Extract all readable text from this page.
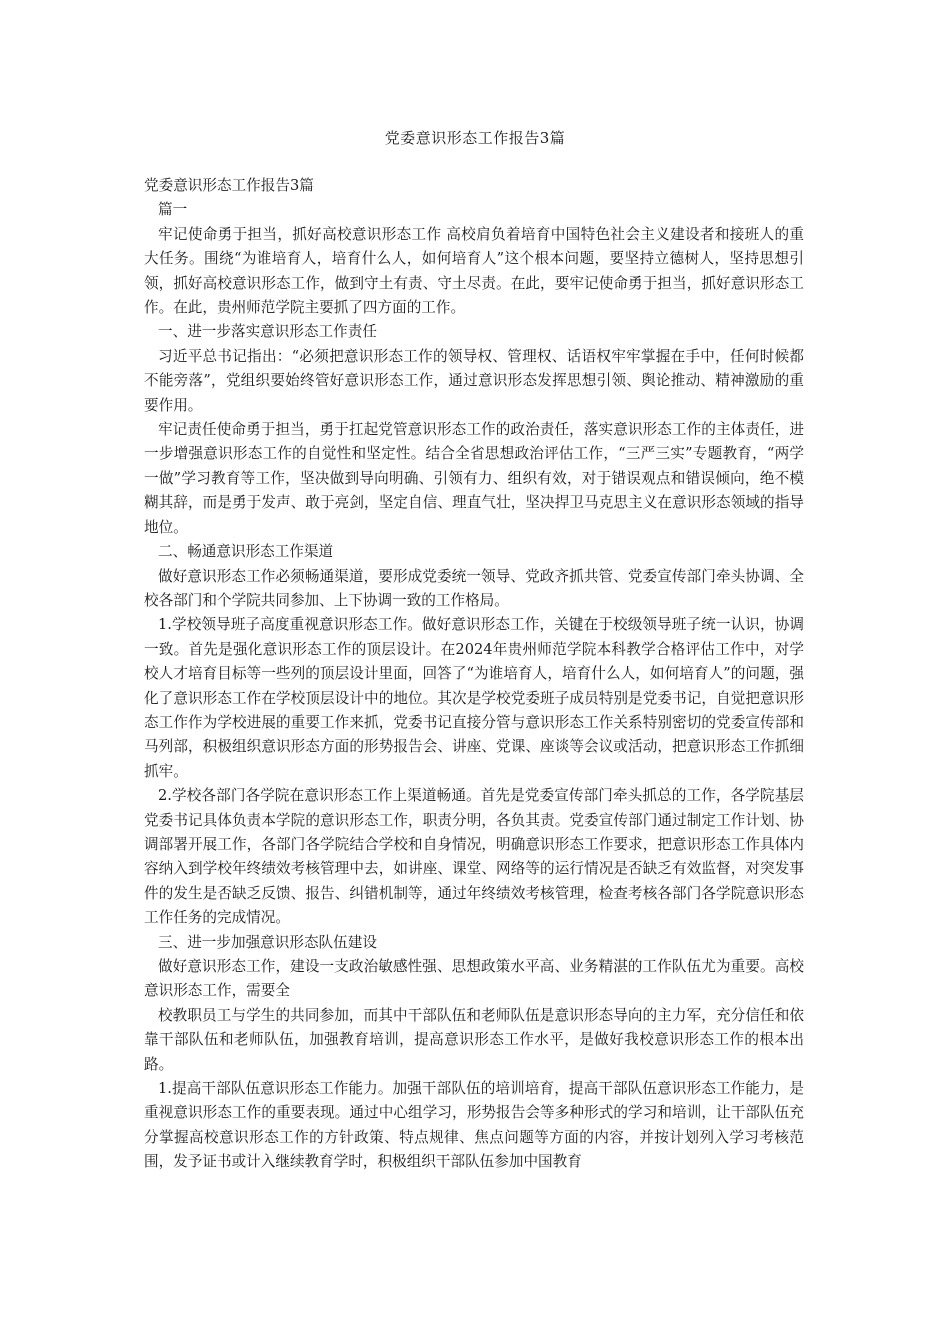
党委意识形态工作报告3篇

党委意识形态工作报告3篇

篇一

牢记使命勇于担当，抓好高校意识形态工作 高校肩负着培育中国特色社会主义建设者和接班人的重大任务。围绕“为谁培育人，培育什么人，如何培育人”这个根本问题，要坚持立德树人，坚持思想引领，抓好高校意识形态工作，做到守土有责、守土尽责。在此，要牢记使命勇于担当，抓好意识形态工作。在此，贵州师范学院主要抓了四方面的工作。

一、进一步落实意识形态工作责任

习近平总书记指出：“必须把意识形态工作的领导权、管理权、话语权牢牢掌握在手中，任何时候都不能旁落”，党组织要始终管好意识形态工作，通过意识形态发挥思想引领、舆论推动、精神激励的重要作用。

牢记责任使命勇于担当，勇于扛起党管意识形态工作的政治责任，落实意识形态工作的主体责任，进一步增强意识形态工作的自觉性和坚定性。结合全省思想政治评估工作，“三严三实”专题教育，“两学一做”学习教育等工作，坚决做到导向明确、引领有力、组织有效，对于错误观点和错误倾向，绝不模糊其辞，而是勇于发声、敢于亮剑，坚定自信、理直气壮，坚决捍卫马克思主义在意识形态领域的指导地位。

二、畅通意识形态工作渠道

做好意识形态工作必须畅通渠道，要形成党委统一领导、党政齐抓共管、党委宣传部门牵头协调、全校各部门和个学院共同参加、上下协调一致的工作格局。

1.学校领导班子高度重视意识形态工作。做好意识形态工作，关键在于校级领导班子统一认识，协调一致。首先是强化意识形态工作的顶层设计。在2024年贵州师范学院本科教学合格评估工作中，对学校人才培育目标等一些列的顶层设计里面，回答了“为谁培育人，培育什么人，如何培育人”的问题，强化了意识形态工作在学校顶层设计中的地位。其次是学校党委班子成员特别是党委书记，自觉把意识形态工作作为学校进展的重要工作来抓，党委书记直接分管与意识形态工作关系特别密切的党委宣传部和马列部，积极组织意识形态方面的形势报告会、讲座、党课、座谈等会议或活动，把意识形态工作抓细抓牢。

2.学校各部门各学院在意识形态工作上渠道畅通。首先是党委宣传部门牵头抓总的工作，各学院基层党委书记具体负责本学院的意识形态工作，职责分明，各负其责。党委宣传部门通过制定工作计划、协调部署开展工作，各部门各学院结合学校和自身情况，明确意识形态工作要求，把意识形态工作具体内容纳入到学校年终绩效考核管理中去，如讲座、课堂、网络等的运行情况是否缺乏有效监督，对突发事件的发生是否缺乏反馈、报告、纠错机制等，通过年终绩效考核管理，检查考核各部门各学院意识形态工作任务的完成情况。

三、进一步加强意识形态队伍建设

做好意识形态工作，建设一支政治敏感性强、思想政策水平高、业务精湛的工作队伍尤为重要。高校意识形态工作，需要全

校教职员工与学生的共同参加，而其中干部队伍和老师队伍是意识形态导向的主力军，充分信任和依靠干部队伍和老师队伍，加强教育培训，提高意识形态工作水平，是做好我校意识形态工作的根本出路。

1.提高干部队伍意识形态工作能力。加强干部队伍的培训培育，提高干部队伍意识形态工作能力，是重视意识形态工作的重要表现。通过中心组学习，形势报告会等多种形式的学习和培训，让干部队伍充分掌握高校意识形态工作的方针政策、特点规律、焦点问题等方面的内容，并按计划列入学习考核范围，发予证书或计入继续教育学时，积极组织干部队伍参加中国教育
